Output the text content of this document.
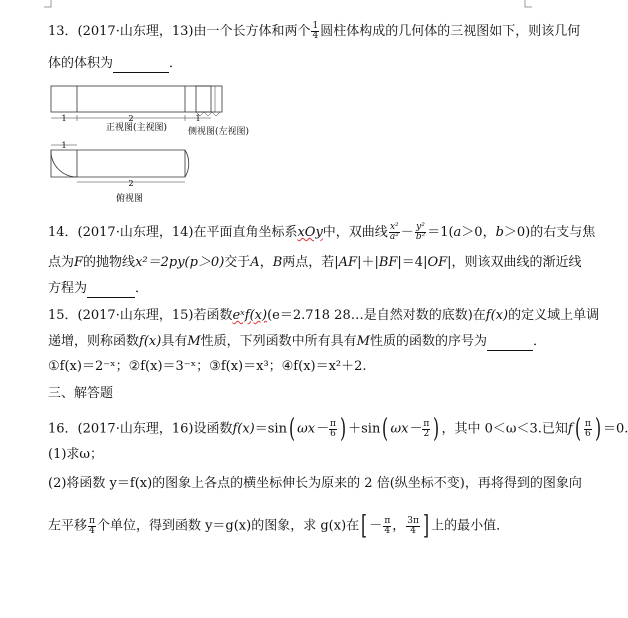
13．(2017·山东理，13)由一个长方体和两个 $\frac{1}{4}$ 圆柱体构成的几何体的三视图如下，则该几何
体的体积为	．
1	2	1
正视图(主视图)
1
2
俯视图
侧视图(左视图)
14．(2017·山东理，14)在平面直角坐标系xOy中，双曲线 $\frac{\text{x²}}{\text{a²}} - \frac{\text{y²}}{\text{b²}} =1(a>0$，b＞0)的右支与焦
点为F的抛物线x²＝2py(p＞0)交于A，B两点，若|AF|＋|BF|＝4|OF|，则该双曲线的渐近线
方程为	．
15．(2017·山东理，15)若函数eˣf(x)(e＝2.718 28…是自然对数的底数)在f(x)的定义域上单调
递增，则称函数f(x)具有M性质，下列函数中所有具有M性质的函数的序号为	．
①f(x)＝2⁻ˣ；②f(x)＝3⁻ˣ；③f(x)＝x³；④f(x)＝x²＋2.
三、解答题
16．(2017·山东理，16)设函数f(x)＝sin( $\omega x- \frac{\pi}{6}$ ) ＋sin( $\omega x- \frac{\pi}{2}$ ) ，其中 0＜ω＜3.已知$f( \frac{\pi}{6}$ ) ＝0.
(1)求ω；
(2)将函数 y＝f(x)的图象上各点的横坐标伸长为原来的 2 倍(纵坐标不变)，再将得到的图象向
左平移 $\frac{\pi}{4}$ 个单位，得到函数 y＝g(x)的图象，求 g(x)在[ － $\frac{\pi}{4}$ ， $\frac{3\pi}{4}$ ] 上的最小值．
